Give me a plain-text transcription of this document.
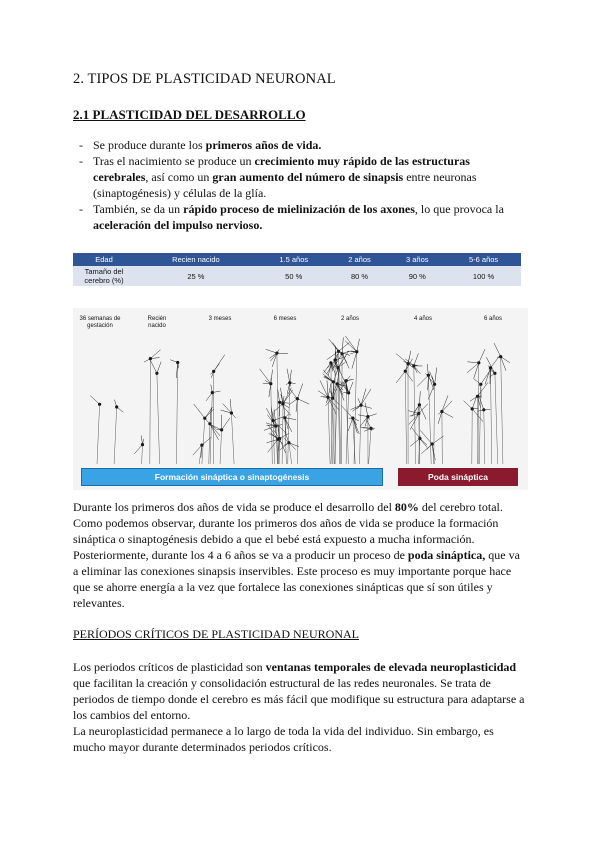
2. TIPOS DE PLASTICIDAD NEURONAL
2.1 PLASTICIDAD DEL DESARROLLO
- Se produce durante los primeros años de vida.
- Tras el nacimiento se produce un crecimiento muy rápido de las estructuras cerebrales, así como un gran aumento del número de sinapsis entre neuronas (sinaptogénesis) y células de la glía.
- También, se da un rápido proceso de mielinización de los axones, lo que provoca la aceleración del impulso nervioso.
Edad	Recien nacido	1.5 años	2 años	3 años	5-6 años
Tamaño del cerebro (%)	25 %	50 %	80 %	90 %	100 %
36 semanas de gestación
Recién nacido
3 meses	6 meses	2 años	4 años	6 años
Formación sináptica o sinaptogénesis	Poda sináptica

Durante los primeros dos años de vida se produce el desarrollo del 80% del cerebro total. Como podemos observar, durante los primeros dos años de vida se produce la formación sináptica o sinaptogénesis debido a que el bebé está expuesto a mucha información. Posteriormente, durante los 4 a 6 años se va a producir un proceso de poda sináptica, que va a eliminar las conexiones sinapsis inservibles. Este proceso es muy importante porque hace que se ahorre energía a la vez que fortalece las conexiones sinápticas que sí son útiles y relevantes.

PERÍODOS CRÍTICOS DE PLASTICIDAD NEURONAL

Los periodos críticos de plasticidad son ventanas temporales de elevada neuroplasticidad que facilitan la creación y consolidación estructural de las redes neuronales. Se trata de periodos de tiempo donde el cerebro es más fácil que modifique su estructura para adaptarse a los cambios del entorno.

La neuroplasticidad permanece a lo largo de toda la vida del individuo. Sin embargo, es mucho mayor durante determinados periodos críticos.
